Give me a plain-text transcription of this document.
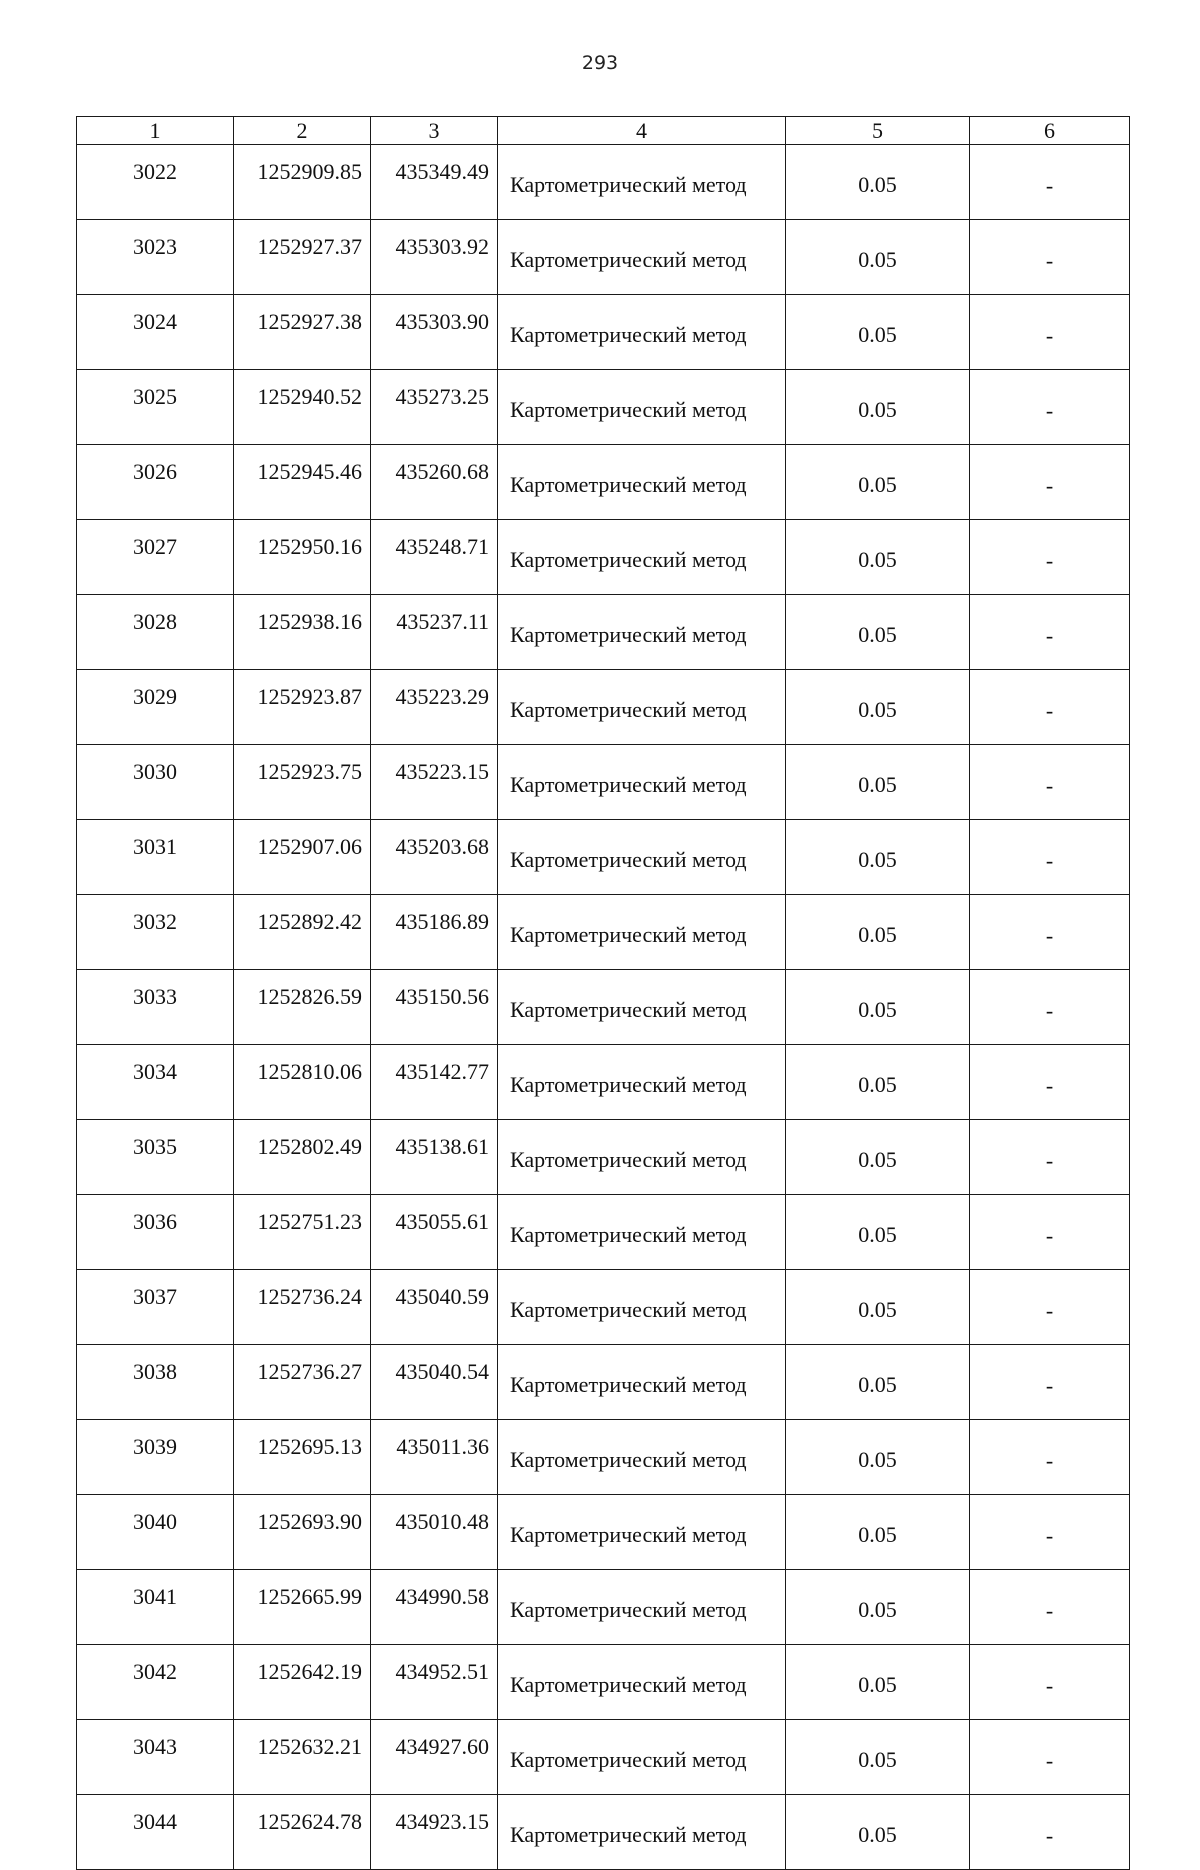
293
1	2	3	4	5	6
3022	1252909.85	435349.49	Картометрический метод	0.05	-
3023	1252927.37	435303.92	Картометрический метод	0.05	-
3024	1252927.38	435303.90	Картометрический метод	0.05	-
3025	1252940.52	435273.25	Картометрический метод	0.05	-
3026	1252945.46	435260.68	Картометрический метод	0.05	-
3027	1252950.16	435248.71	Картометрический метод	0.05	-
3028	1252938.16	435237.11	Картометрический метод	0.05	-
3029	1252923.87	435223.29	Картометрический метод	0.05	-
3030	1252923.75	435223.15	Картометрический метод	0.05	-
3031	1252907.06	435203.68	Картометрический метод	0.05	-
3032	1252892.42	435186.89	Картометрический метод	0.05	-
3033	1252826.59	435150.56	Картометрический метод	0.05	-
3034	1252810.06	435142.77	Картометрический метод	0.05	-
3035	1252802.49	435138.61	Картометрический метод	0.05	-
3036	1252751.23	435055.61	Картометрический метод	0.05	-
3037	1252736.24	435040.59	Картометрический метод	0.05	-
3038	1252736.27	435040.54	Картометрический метод	0.05	-
3039	1252695.13	435011.36	Картометрический метод	0.05	-
3040	1252693.90	435010.48	Картометрический метод	0.05	-
3041	1252665.99	434990.58	Картометрический метод	0.05	-
3042	1252642.19	434952.51	Картометрический метод	0.05	-
3043	1252632.21	434927.60	Картометрический метод	0.05	-
3044	1252624.78	434923.15	Картометрический метод	0.05	-
